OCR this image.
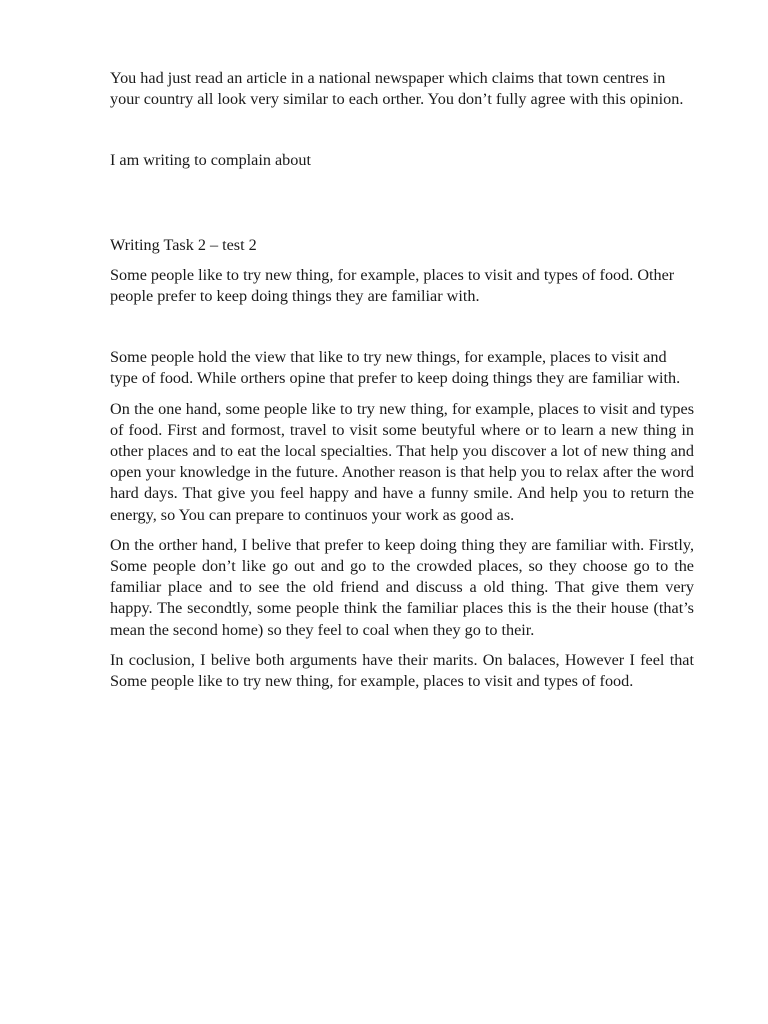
You had just read an article in a national newspaper which claims that town centres in your country all look very similar to each orther. You don’t fully agree with this opinion.

I am writing to complain about

Writing Task 2 – test 2

Some people like to try new thing, for example, places to visit and types of food. Other people prefer to keep doing things they are familiar with.

Some people hold the view that like to try new things, for example, places to visit and type of food. While orthers opine that prefer to keep doing things they are familiar with.

On the one hand, some people like to try new thing, for example, places to visit and types of food. First and formost, travel to visit some beutyful where or to learn a new thing in other places and to eat the local specialties. That help you discover a lot of new thing and open your knowledge in the future. Another reason is that help you to relax after the word hard days. That give you feel happy and have a funny smile. And help you to return the energy, so You can prepare to continuos your work as good as.

On the orther hand, I belive that prefer to keep doing thing they are familiar with. Firstly, Some people don’t like go out and go to the crowded places, so they choose go to the familiar place and to see the old friend and discuss a old thing. That give them very happy. The secondtly, some people think the familiar places this is the their house (that’s mean the second home) so they feel to coal when they go to their.

In coclusion, I belive both arguments have their marits. On balaces, However I feel that Some people like to try new thing, for example, places to visit and types of food.
